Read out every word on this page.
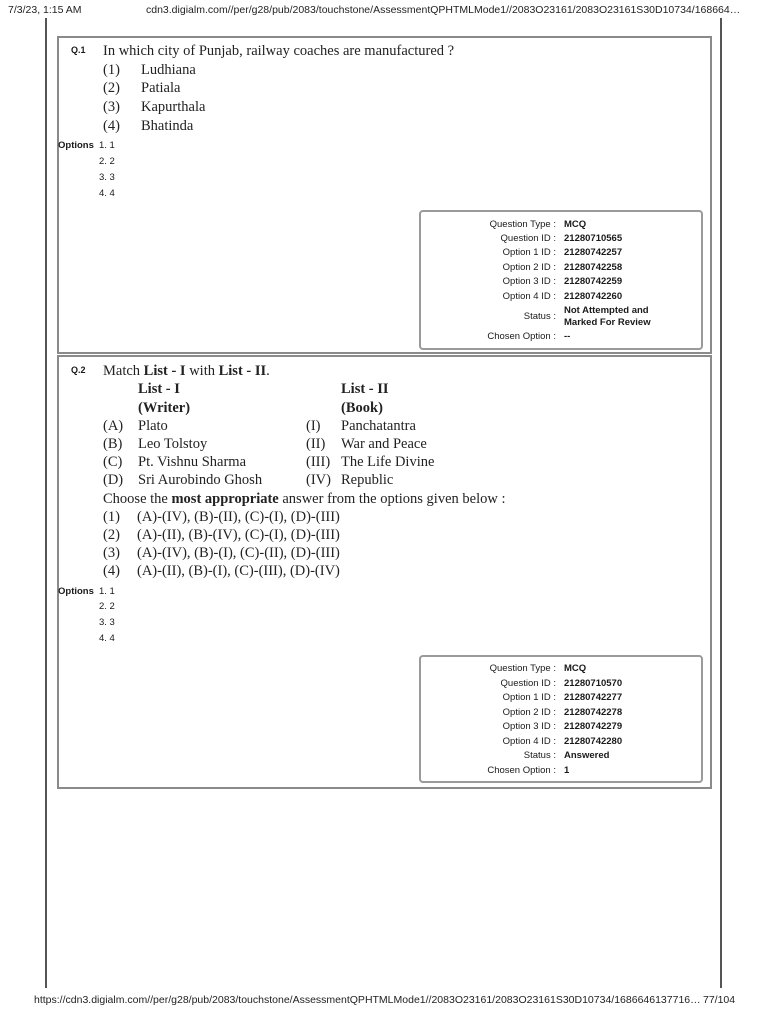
7/3/23, 1:15 AM	cdn3.digialm.com//per/g28/pub/2083/touchstone/AssessmentQPHTMLMode1//2083O23161/2083O23161S30D10734/168664…
Q.1 In which city of Punjab, railway coaches are manufactured ?
(1) Ludhiana
(2) Patiala
(3) Kapurthala
(4) Bhatinda
Options 1. 1
2. 2
3. 3
4. 4
Question Type : MCQ
Question ID : 21280710565
Option 1 ID : 21280742257
Option 2 ID : 21280742258
Option 3 ID : 21280742259
Option 4 ID : 21280742260
Status :
Not Attempted and
Marked For Review
Chosen Option : --
Q.2 Match List - I with List - II.
List - I	List - II
(Writer)	(Book)
(A) Plato	(I) Panchatantra
(B) Leo Tolstoy	(II) War and Peace
(C) Pt. Vishnu Sharma	(III) The Life Divine
(D) Sri Aurobindo Ghosh	(IV) Republic
Choose the most appropriate answer from the options given below :
(1) (A)-(IV), (B)-(II), (C)-(I), (D)-(III)
(2) (A)-(II), (B)-(IV), (C)-(I), (D)-(III)
(3) (A)-(IV), (B)-(I), (C)-(II), (D)-(III)
(4) (A)-(II), (B)-(I), (C)-(III), (D)-(IV)
Options 1. 1
2. 2
3. 3
4. 4
Question Type : MCQ
Question ID : 21280710570
Option 1 ID : 21280742277
Option 2 ID : 21280742278
Option 3 ID : 21280742279
Option 4 ID : 21280742280
Status : Answered
Chosen Option : 1
https://cdn3.digialm.com//per/g28/pub/2083/touchstone/AssessmentQPHTMLMode1//2083O23161/2083O23161S30D10734/1686646137716… 77/104
